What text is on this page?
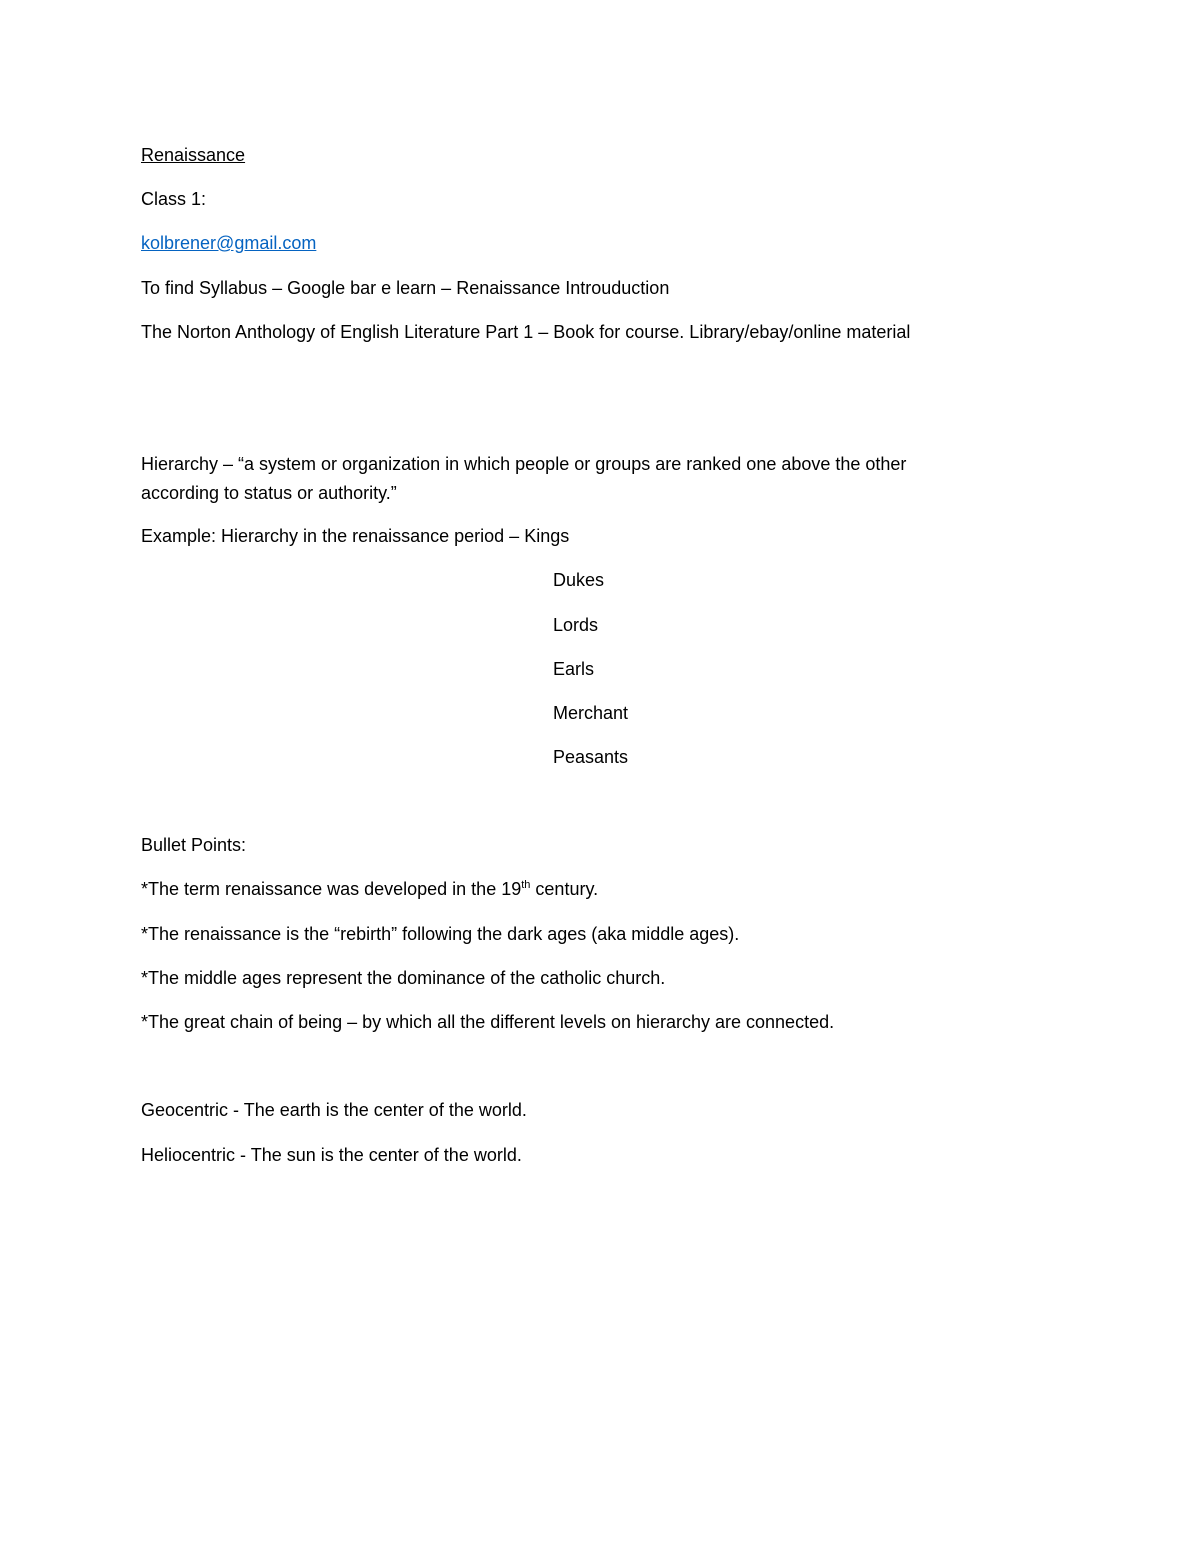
Renaissance
Class 1:
kolbrener@gmail.com
To find Syllabus – Google bar e learn – Renaissance Introuduction
The Norton Anthology of English Literature Part 1 – Book for course. Library/ebay/online material
Hierarchy – “a system or organization in which people or groups are ranked one above the other
according to status or authority.”
Example: Hierarchy in the renaissance period – Kings
Dukes
Lords
Earls
Merchant
Peasants
Bullet Points:
*The term renaissance was developed in the 19th century.
*The renaissance is the “rebirth” following the dark ages (aka middle ages).
*The middle ages represent the dominance of the catholic church.
*The great chain of being – by which all the different levels on hierarchy are connected.
Geocentric - The earth is the center of the world.
Heliocentric - The sun is the center of the world.
